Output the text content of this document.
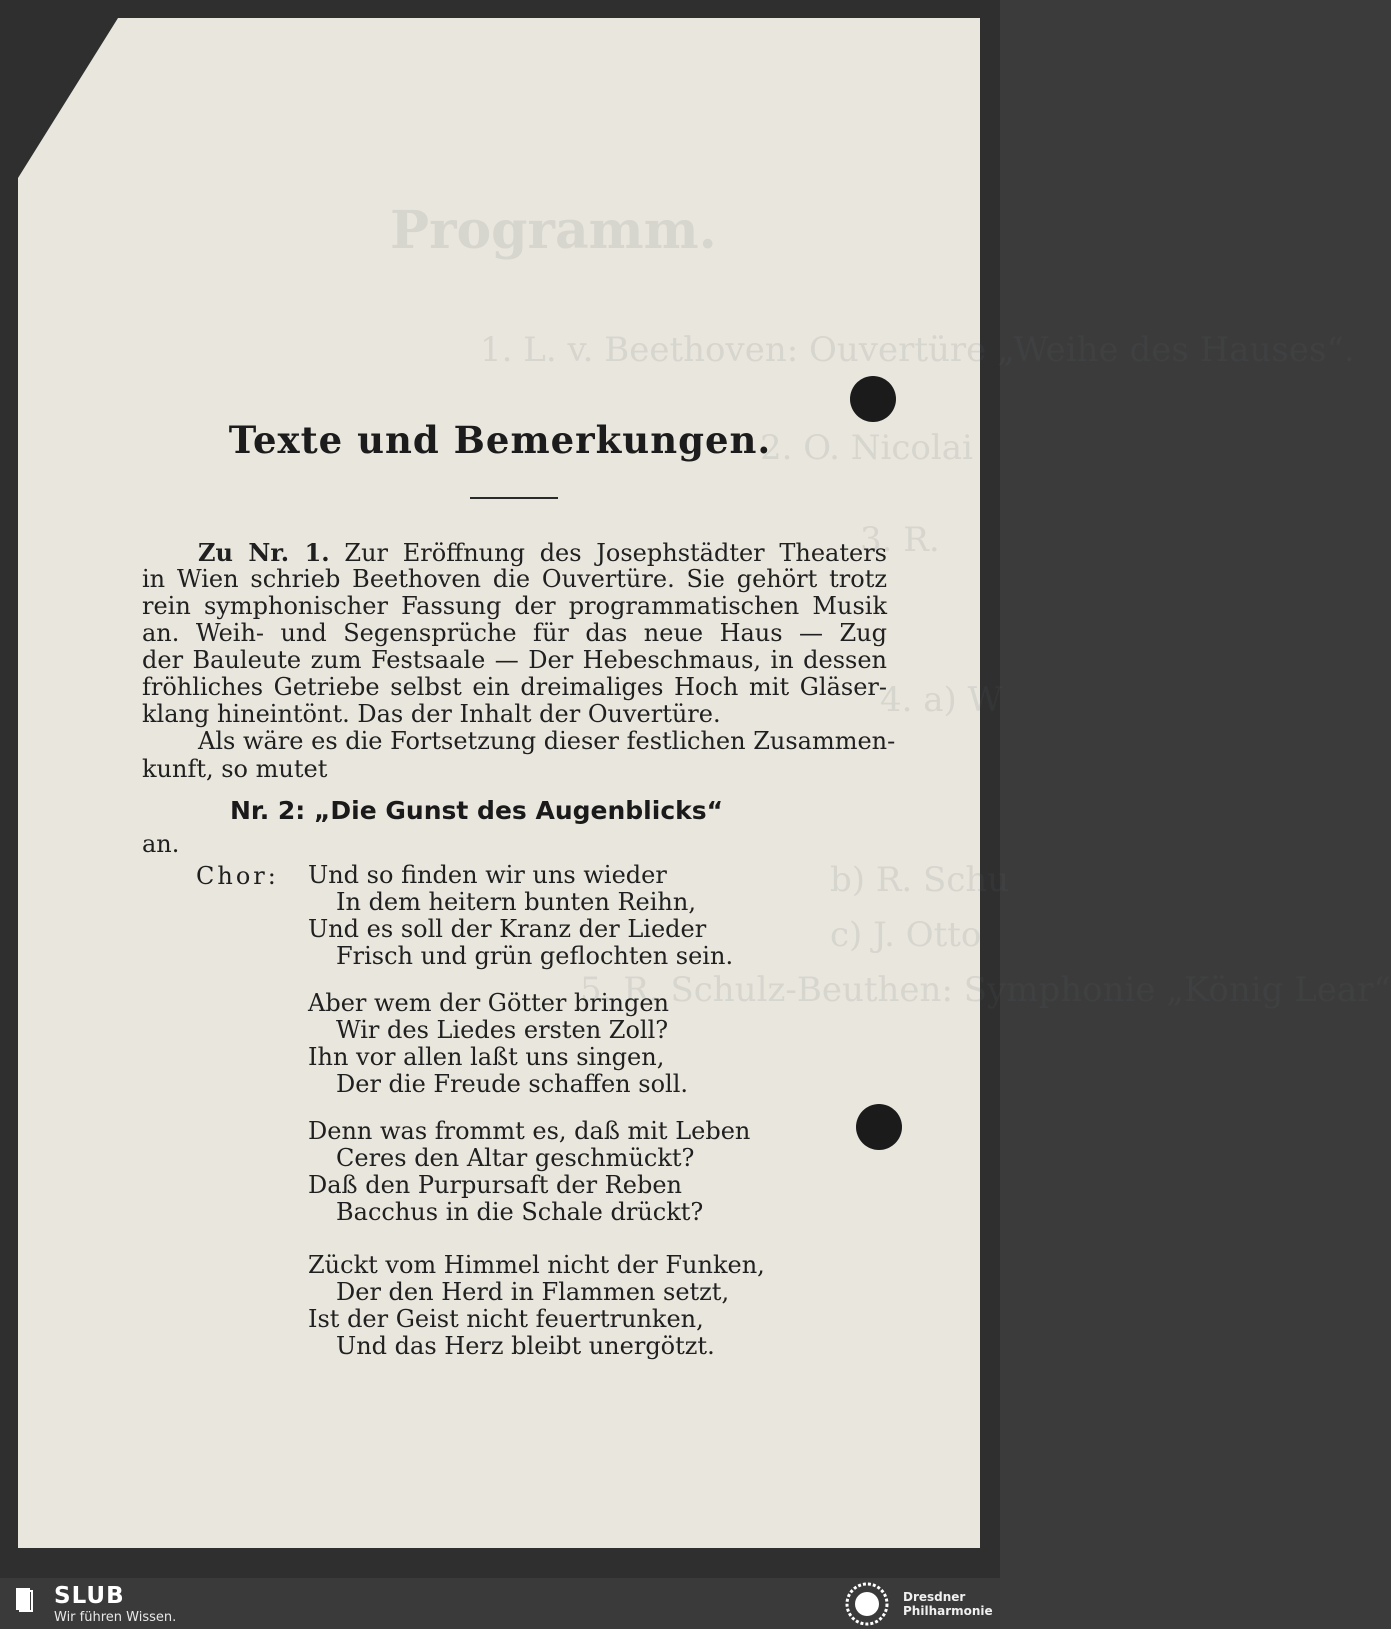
Programm.
1. L. v. Beethoven: Ouvertüre „Weihe des Hauses“.
2. O. Nicolai
3. R.
4. a) W
b) R. Schu
c) J. Otto
5. R. Schulz-Beuthen: Symphonie „König Lear“
Texte und Bemerkungen.
Zu Nr. 1. Zur Eröffnung des Josephstädter Theaters
in Wien schrieb Beethoven die Ouvertüre. Sie gehört trotz
rein symphonischer Fassung der programmatischen Musik
an. Weih- und Segensprüche für das neue Haus — Zug
der Bauleute zum Festsaale — Der Hebeschmaus, in dessen
fröhliches Getriebe selbst ein dreimaliges Hoch mit Gläser-
klang hineintönt. Das der Inhalt der Ouvertüre.
Als wäre es die Fortsetzung dieser festlichen Zusammen-
kunft, so mutet
Nr. 2: „Die Gunst des Augenblicks“
an.
Chor: Und so finden wir uns wieder
In dem heitern bunten Reihn,
Und es soll der Kranz der Lieder
Frisch und grün geflochten sein.
Aber wem der Götter bringen
Wir des Liedes ersten Zoll?
Ihn vor allen laßt uns singen,
Der die Freude schaffen soll.
Denn was frommt es, daß mit Leben
Ceres den Altar geschmückt?
Daß den Purpursaft der Reben
Bacchus in die Schale drückt?
Zückt vom Himmel nicht der Funken,
Der den Herd in Flammen setzt,
Ist der Geist nicht feuertrunken,
Und das Herz bleibt unergötzt.
SLUB
Wir führen Wissen.
Dresdner
Philharmonie
